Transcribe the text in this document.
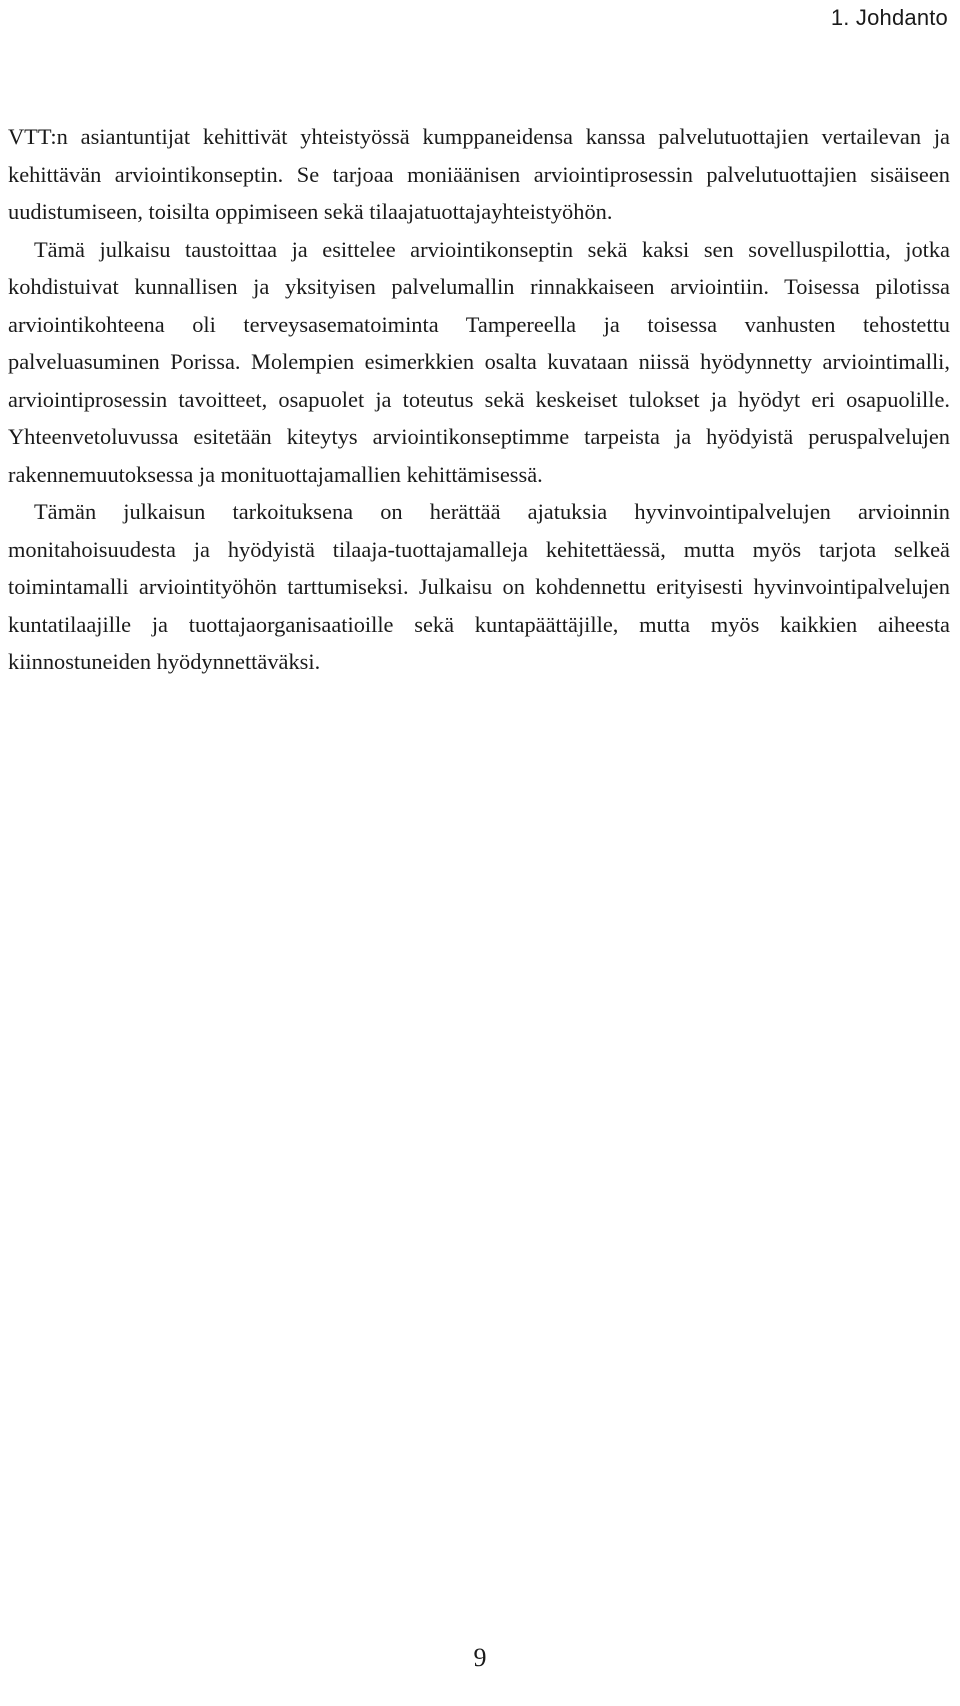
1. Johdanto

VTT:n asiantuntijat kehittivät yhteistyössä kumppaneidensa kanssa palvelutuottajien vertailevan ja kehittävän arviointikonseptin. Se tarjoaa moniäänisen arviointiprosessin palvelutuottajien sisäiseen uudistumiseen, toisilta oppimiseen sekä tilaajatuottajayhteistyöhön.

Tämä julkaisu taustoittaa ja esittelee arviointikonseptin sekä kaksi sen sovelluspilottia, jotka kohdistuivat kunnallisen ja yksityisen palvelumallin rinnakkaiseen arviointiin. Toisessa pilotissa arviointikohteena oli terveysasematoiminta Tampereella ja toisessa vanhusten tehostettu palveluasuminen Porissa. Molempien esimerkkien osalta kuvataan niissä hyödynnetty arviointimalli, arviointiprosessin tavoitteet, osapuolet ja toteutus sekä keskeiset tulokset ja hyödyt eri osapuolille. Yhteenvetoluvussa esitetään kiteytys arviointikonseptimme tarpeista ja hyödyistä peruspalvelujen rakennemuutoksessa ja monituottajamallien kehittämisessä.

Tämän julkaisun tarkoituksena on herättää ajatuksia hyvinvointipalvelujen arvioinnin monitahoisuudesta ja hyödyistä tilaaja-tuottajamalleja kehitettäessä, mutta myös tarjota selkeä toimintamalli arviointityöhön tarttumiseksi. Julkaisu on kohdennettu erityisesti hyvinvointipalvelujen kuntatilaajille ja tuottajaorganisaatioille sekä kuntapäättäjille, mutta myös kaikkien aiheesta kiinnostuneiden hyödynnettäväksi.

9
